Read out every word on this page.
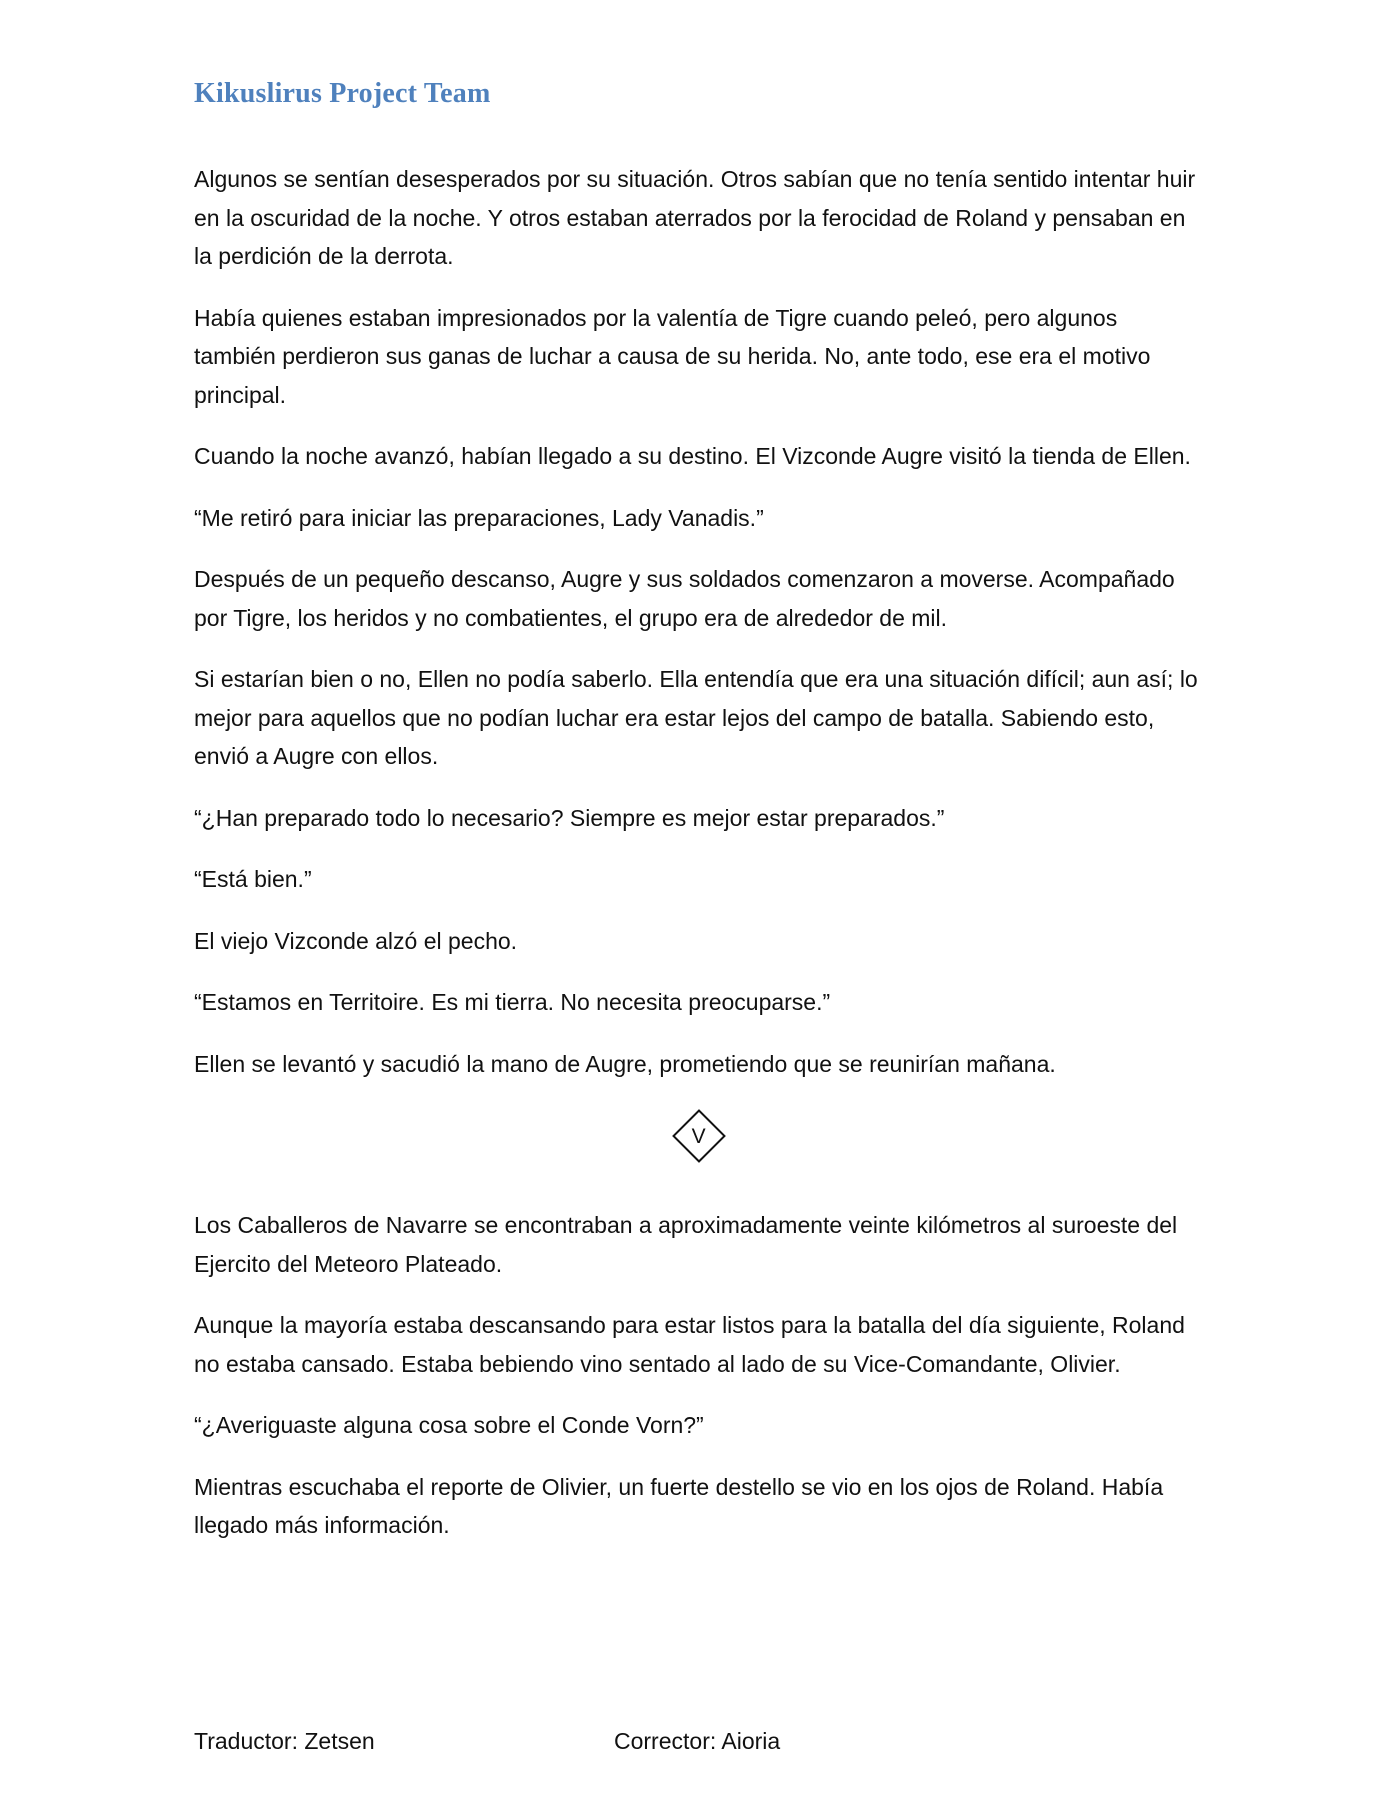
Kikuslirus Project Team

Algunos se sentían desesperados por su situación. Otros sabían que no tenía sentido intentar huir en la oscuridad de la noche. Y otros estaban aterrados por la ferocidad de Roland y pensaban en la perdición de la derrota.

Había quienes estaban impresionados por la valentía de Tigre cuando peleó, pero algunos también perdieron sus ganas de luchar a causa de su herida. No, ante todo, ese era el motivo principal.

Cuando la noche avanzó, habían llegado a su destino. El Vizconde Augre visitó la tienda de Ellen.

“Me retiró para iniciar las preparaciones, Lady Vanadis.”

Después de un pequeño descanso, Augre y sus soldados comenzaron a moverse. Acompañado por Tigre, los heridos y no combatientes, el grupo era de alrededor de mil.

Si estarían bien o no, Ellen no podía saberlo. Ella entendía que era una situación difícil; aun así; lo mejor para aquellos que no podían luchar era estar lejos del campo de batalla. Sabiendo esto, envió a Augre con ellos.

“¿Han preparado todo lo necesario? Siempre es mejor estar preparados.”

“Está bien.”

El viejo Vizconde alzó el pecho.

“Estamos en Territoire. Es mi tierra. No necesita preocuparse.”

Ellen se levantó y sacudió la mano de Augre, prometiendo que se reunirían mañana.

V

Los Caballeros de Navarre se encontraban a aproximadamente veinte kilómetros al suroeste del Ejercito del Meteoro Plateado.

Aunque la mayoría estaba descansando para estar listos para la batalla del día siguiente, Roland no estaba cansado. Estaba bebiendo vino sentado al lado de su Vice-Comandante, Olivier.

“¿Averiguaste alguna cosa sobre el Conde Vorn?”

Mientras escuchaba el reporte de Olivier, un fuerte destello se vio en los ojos de Roland. Había llegado más información.

Traductor: Zetsen	Corrector: Aioria
